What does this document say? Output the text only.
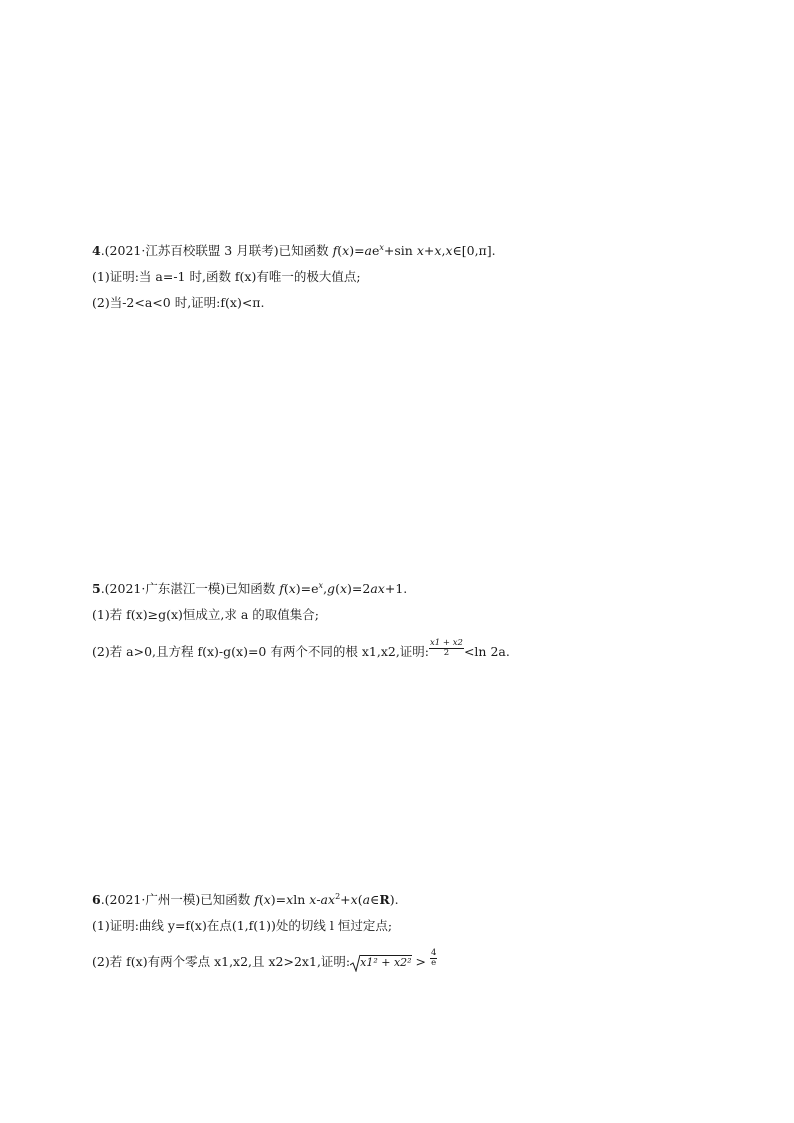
4.(2021·江苏百校联盟 3 月联考)已知函数 $f(x)=ae^x+\sin$ x+x,x∈[0,π].
(1)证明:当 a=-1 时,函数 f(x)有唯一的极大值点;
(2)当-2<a<0 时,证明:f(x)<π.
5.(2021·广东湛江一模)已知函数 $f(x)=e^x,g(x)=2ax+1$.
(1)若 f(x)≥g(x)恒成立,求 a 的取值集合;
(2)若 a>0,且方程 f(x)-g(x)=0 有两个不同的根 x1,x2,证明: $\frac{x1 + x2}{2} <\ln$ 2a.
6.(2021·广州一模)已知函数 f(x)=xln $x-ax^2+x(a\in R)$.
(1)证明:曲线 y=f(x)在点(1,f(1))处的切线 l 恒过定点;
(2)若 f(x)有两个零点 x1,x2,且 x2>2x1,证明: $x1^2 + x2^2 > \frac{4}{e}$
